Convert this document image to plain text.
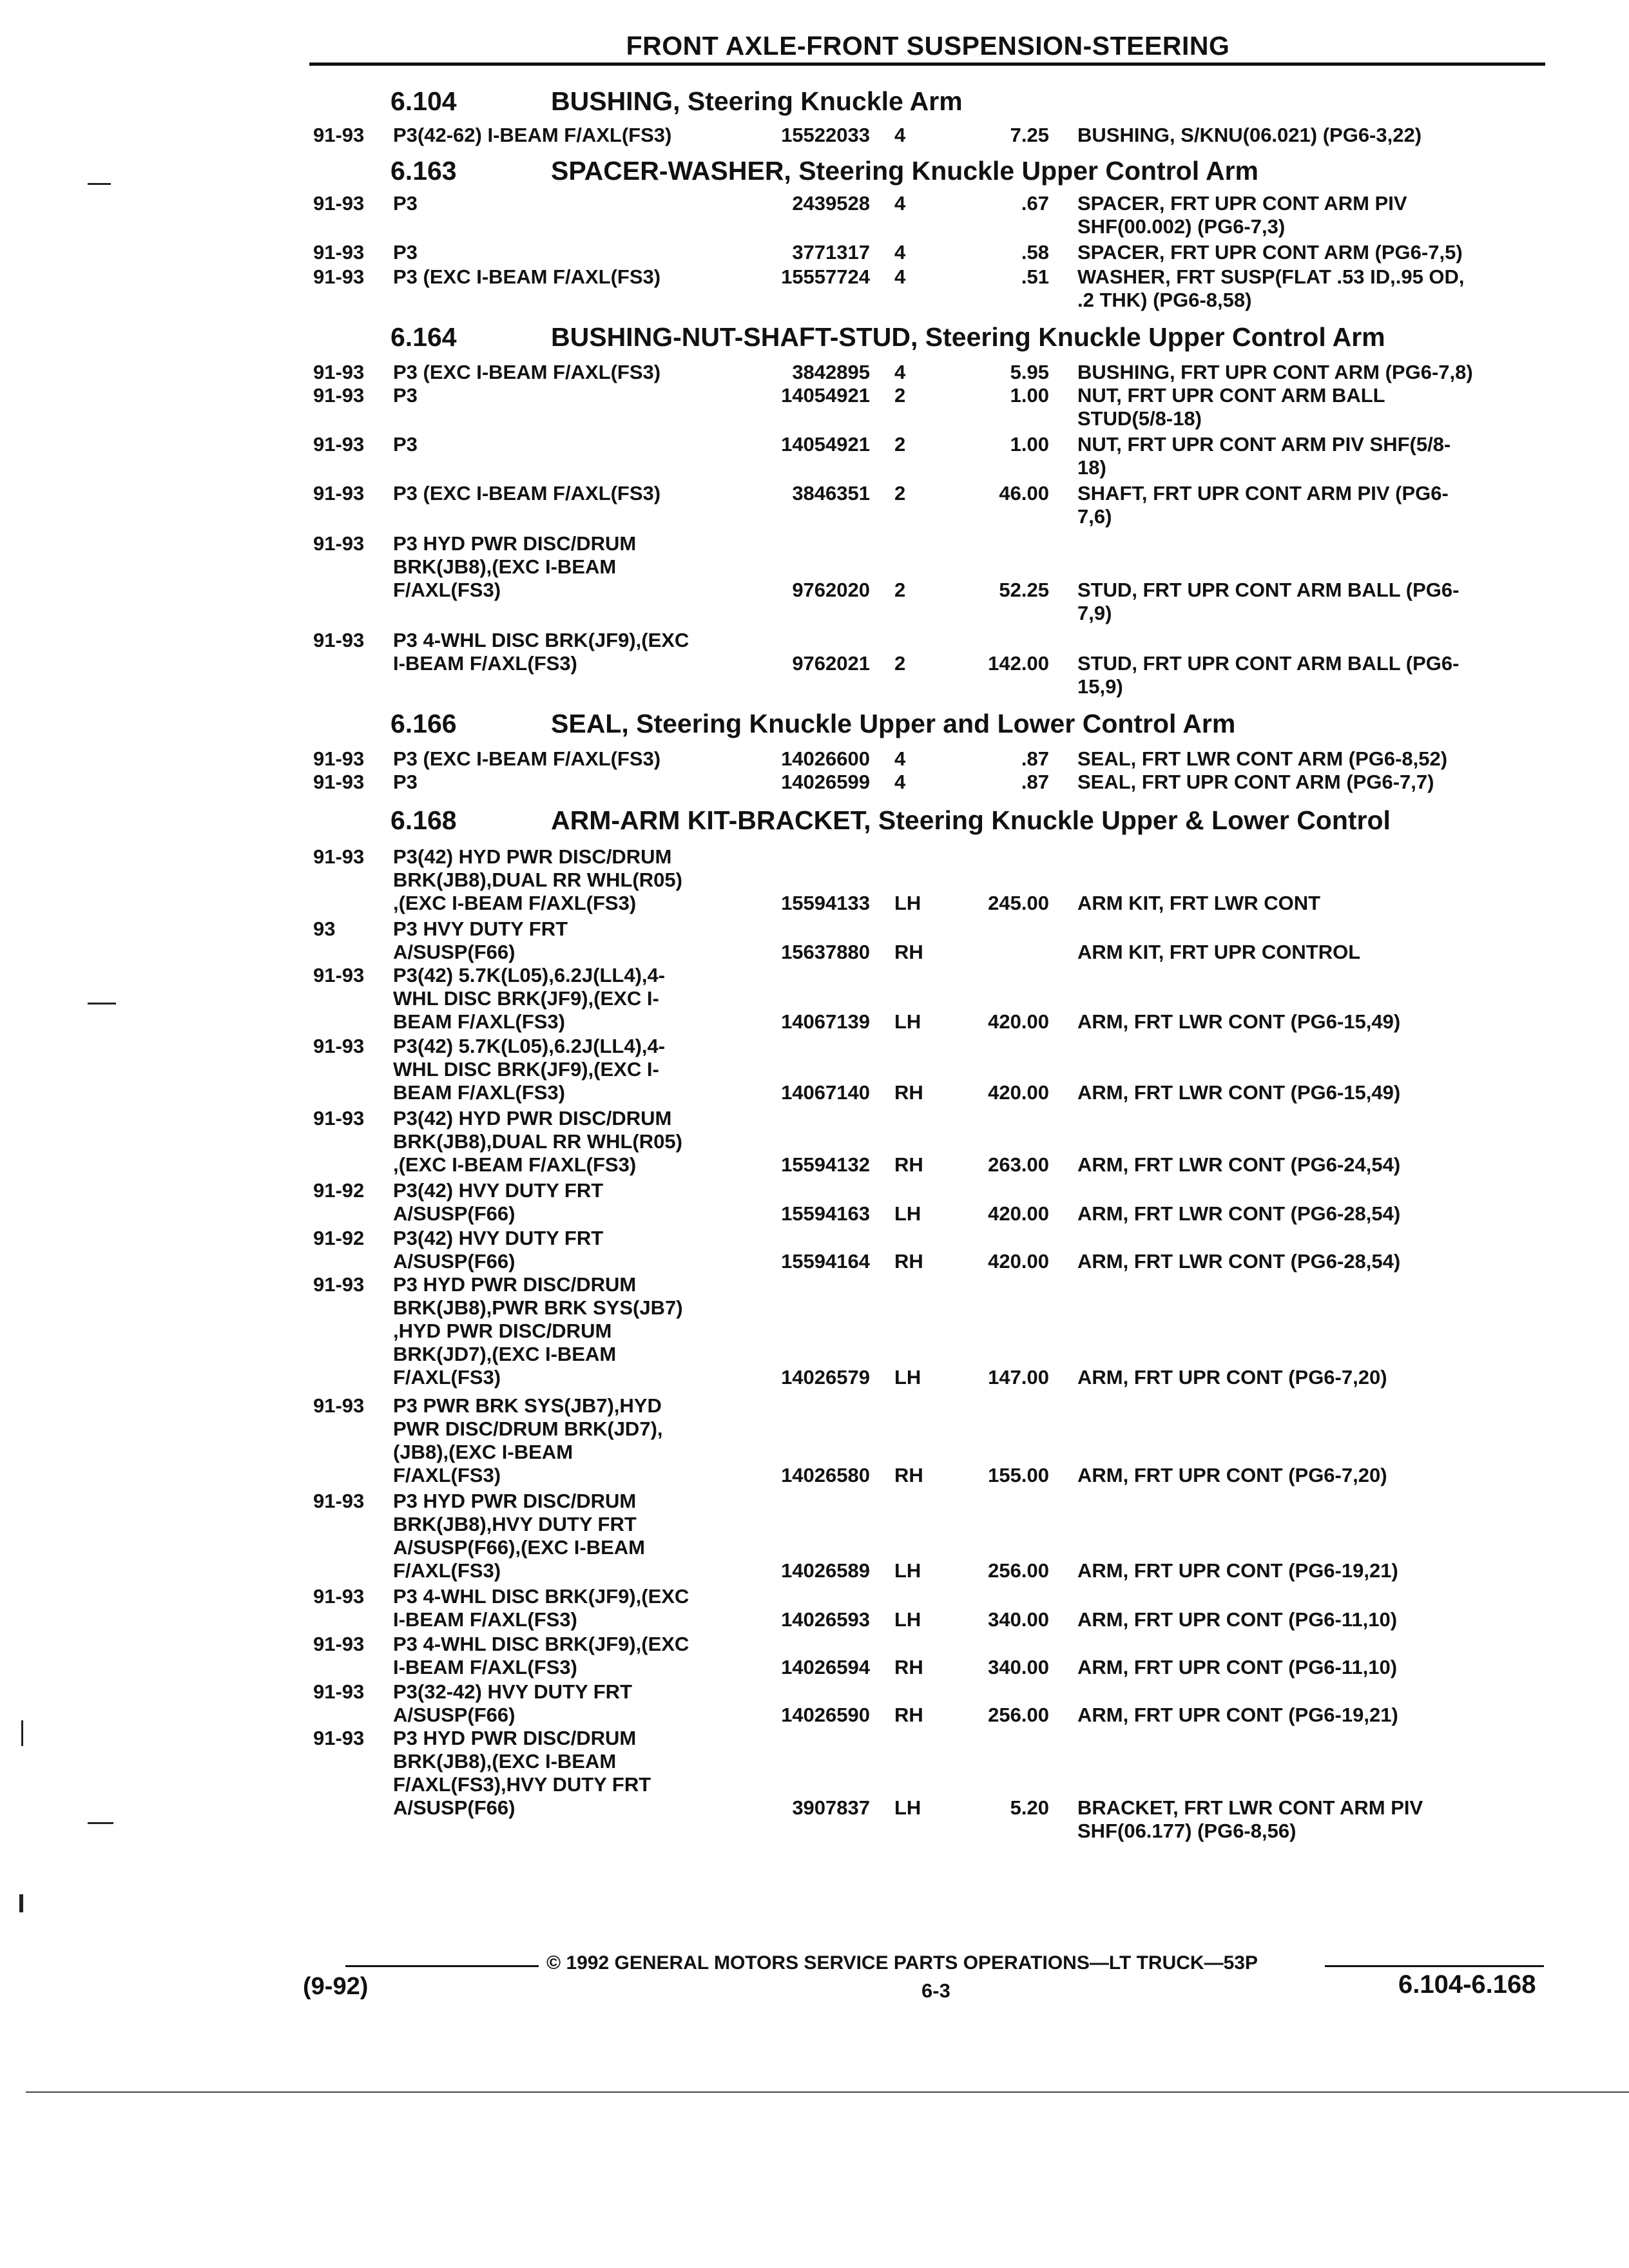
FRONT AXLE-FRONT SUSPENSION-STEERING
6.104	BUSHING, Steering Knuckle Arm
91-93 P3(42-62) I-BEAM F/AXL(FS3)	15522033 4	7.25 BUSHING, S/KNU(06.021) (PG6-3,22)
6.163	SPACER-WASHER, Steering Knuckle Upper Control Arm
91-93 P3	2439528 4	.67 SPACER, FRT UPR CONT ARM PIV
SHF(00.002) (PG6-7,3)
91-93 P3	3771317 4	.58 SPACER, FRT UPR CONT ARM (PG6-7,5)
91-93 P3 (EXC I-BEAM F/AXL(FS3)	15557724 4	.51 WASHER, FRT SUSP(FLAT .53 ID,.95 OD,
.2 THK) (PG6-8,58)
6.164	BUSHING-NUT-SHAFT-STUD, Steering Knuckle Upper Control Arm
91-93 P3 (EXC I-BEAM F/AXL(FS3)	3842895 4	5.95 BUSHING, FRT UPR CONT ARM (PG6-7,8)
91-93 P3	14054921 2	1.00 NUT, FRT UPR CONT ARM BALL
STUD(5/8-18)
91-93 P3	14054921 2	1.00 NUT, FRT UPR CONT ARM PIV SHF(5/8-
18)
91-93 P3 (EXC I-BEAM F/AXL(FS3)	3846351 2	46.00 SHAFT, FRT UPR CONT ARM PIV (PG6-
7,6)
91-93 P3 HYD PWR DISC/DRUM
BRK(JB8),(EXC I-BEAM
F/AXL(FS3)	9762020 2	52.25 STUD, FRT UPR CONT ARM BALL (PG6-
7,9)
91-93 P3 4-WHL DISC BRK(JF9),(EXC
I-BEAM F/AXL(FS3)	9762021 2	142.00 STUD, FRT UPR CONT ARM BALL (PG6-
15,9)
6.166	SEAL, Steering Knuckle Upper and Lower Control Arm
91-93 P3 (EXC I-BEAM F/AXL(FS3)	14026600 4	.87 SEAL, FRT LWR CONT ARM (PG6-8,52)
91-93 P3	14026599 4	.87 SEAL, FRT UPR CONT ARM (PG6-7,7)
6.168	ARM-ARM KIT-BRACKET, Steering Knuckle Upper & Lower Control
91-93 P3(42) HYD PWR DISC/DRUM
BRK(JB8),DUAL RR WHL(R05)
,(EXC I-BEAM F/AXL(FS3)	15594133 LH	245.00 ARM KIT, FRT LWR CONT
93	P3 HVY DUTY FRT
A/SUSP(F66)	15637880 RH	ARM KIT, FRT UPR CONTROL
91-93 P3(42) 5.7K(L05),6.2J(LL4),4-
WHL DISC BRK(JF9),(EXC I-
BEAM F/AXL(FS3)	14067139 LH	420.00 ARM, FRT LWR CONT (PG6-15,49)
91-93 P3(42) 5.7K(L05),6.2J(LL4),4-
WHL DISC BRK(JF9),(EXC I-
BEAM F/AXL(FS3)	14067140 RH	420.00 ARM, FRT LWR CONT (PG6-15,49)
91-93 P3(42) HYD PWR DISC/DRUM
BRK(JB8),DUAL RR WHL(R05)
,(EXC I-BEAM F/AXL(FS3)	15594132 RH	263.00 ARM, FRT LWR CONT (PG6-24,54)
91-92 P3(42) HVY DUTY FRT
A/SUSP(F66)	15594163 LH	420.00 ARM, FRT LWR CONT (PG6-28,54)
91-92 P3(42) HVY DUTY FRT
A/SUSP(F66)	15594164 RH	420.00 ARM, FRT LWR CONT (PG6-28,54)
91-93 P3 HYD PWR DISC/DRUM
BRK(JB8),PWR BRK SYS(JB7)
,HYD PWR DISC/DRUM
BRK(JD7),(EXC I-BEAM
F/AXL(FS3)	14026579 LH	147.00 ARM, FRT UPR CONT (PG6-7,20)
91-93 P3 PWR BRK SYS(JB7),HYD
PWR DISC/DRUM BRK(JD7),
(JB8),(EXC I-BEAM
F/AXL(FS3)	14026580 RH	155.00 ARM, FRT UPR CONT (PG6-7,20)
91-93 P3 HYD PWR DISC/DRUM
BRK(JB8),HVY DUTY FRT
A/SUSP(F66),(EXC I-BEAM
F/AXL(FS3)	14026589 LH	256.00 ARM, FRT UPR CONT (PG6-19,21)
91-93 P3 4-WHL DISC BRK(JF9),(EXC
I-BEAM F/AXL(FS3)	14026593 LH	340.00 ARM, FRT UPR CONT (PG6-11,10)
91-93 P3 4-WHL DISC BRK(JF9),(EXC
I-BEAM F/AXL(FS3)	14026594 RH	340.00 ARM, FRT UPR CONT (PG6-11,10)
91-93 P3(32-42) HVY DUTY FRT
A/SUSP(F66)	14026590 RH	256.00 ARM, FRT UPR CONT (PG6-19,21)
91-93 P3 HYD PWR DISC/DRUM
BRK(JB8),(EXC I-BEAM
F/AXL(FS3),HVY DUTY FRT
A/SUSP(F66)	3907837 LH	5.20 BRACKET, FRT LWR CONT ARM PIV
SHF(06.177) (PG6-8,56)
© 1992 GENERAL MOTORS SERVICE PARTS OPERATIONS—LT TRUCK—53P
(9-92)	6-3	6.104-6.168
